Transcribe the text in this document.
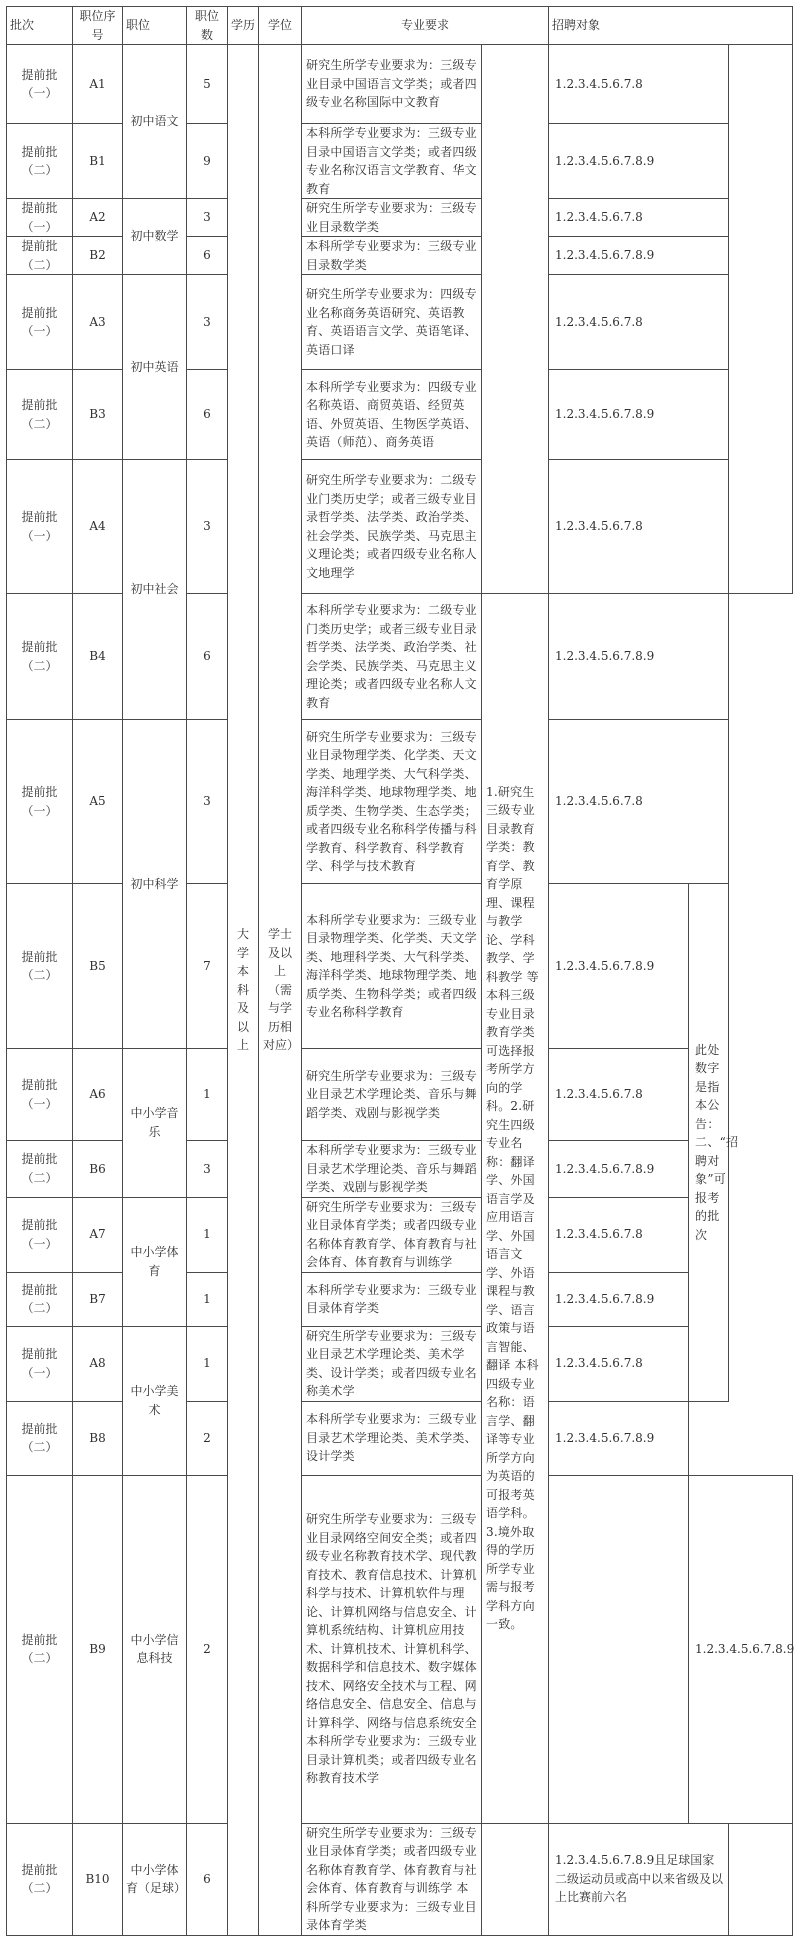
批次	职位序号	职位	职位数	学历	学位	专业要求		招聘对象			
提前批（一）	A1	初中语文	5	大学本科及以上	学士及以上（需与学历相对应）	研究生所学专业要求为：三级专业目录中国语言文学类；或者四级专业名称国际中文教育		1.2.3.4.5.6.7.8			
提前批（二）	B1		9			本科所学专业要求为：三级专业目录中国语言文学类；或者四级专业名称汉语言文学教育、华文教育		1.2.3.4.5.6.7.8.9			
提前批（一）	A2	初中数学	3			研究生所学专业要求为：三级专业目录数学类		1.2.3.4.5.6.7.8			
提前批（二）	B2		6			本科所学专业要求为：三级专业目录数学类		1.2.3.4.5.6.7.8.9			
提前批（一）	A3	初中英语	3			研究生所学专业要求为：四级专业名称商务英语研究、英语教育、英语语言文学、英语笔译、英语口译		1.2.3.4.5.6.7.8			
提前批（二）	B3		6			本科所学专业要求为：四级专业名称英语、商贸英语、经贸英语、外贸英语、生物医学英语、英语（师范）、商务英语		1.2.3.4.5.6.7.8.9			
提前批（一）	A4	初中社会	3			研究生所学专业要求为：二级专业门类历史学；或者三级专业目录哲学类、法学类、政治学类、社会学类、民族学类、马克思主义理论类；或者四级专业名称人文地理学		1.2.3.4.5.6.7.8			
提前批（二）	B4		6			本科所学专业要求为：二级专业门类历史学；或者三级专业目录哲学类、法学类、政治学类、社会学类、民族学类、马克思主义理论类；或者四级专业名称人文教育	1.研究生三级专业目录教育学类：教育学、教育学原理、课程与教学论、学科教学、学科教学 等 本科三级专业目录教育学类 可选择报考所学方向的学科。2.研究生四级专业名称：翻译学、外国语言学及应用语言学、外国语言文学、外语课程与教学、语言政策与语言智能、翻译 本科四级专业名称：语言学、翻译等专业所学方向为英语的可报考英语学科。3.境外取得的学历所学专业需与报考学科方向一致。	1.2.3.4.5.6.7.8.9			
提前批（一）	A5	初中科学	3			研究生所学专业要求为：三级专业目录物理学类、化学类、天文学类、地理学类、大气科学类、海洋科学类、地球物理学类、地质学类、生物学类、生态学类；或者四级专业名称科学传播与科学教育、科学教育、科学教育学、科学与技术教育		1.2.3.4.5.6.7.8			
提前批（二）	B5		7			本科所学专业要求为：三级专业目录物理学类、化学类、天文学类、地理科学类、大气科学类、海洋科学类、地球物理学类、地质学类、生物科学类；或者四级专业名称科学教育		1.2.3.4.5.6.7.8.9	此处数字是指本公告：二、“招聘对象”可报考的批次		
提前批（一）	A6	中小学音乐	1			研究生所学专业要求为：三级专业目录艺术学理论类、音乐与舞蹈学类、戏剧与影视学类		1.2.3.4.5.6.7.8			
提前批（二）	B6		3			本科所学专业要求为：三级专业目录艺术学理论类、音乐与舞蹈学类、戏剧与影视学类		1.2.3.4.5.6.7.8.9			
提前批（一）	A7	中小学体育	1			研究生所学专业要求为：三级专业目录体育学类；或者四级专业名称体育教育学、体育教育与社会体育、体育教育与训练学		1.2.3.4.5.6.7.8			
提前批（二）	B7		1			本科所学专业要求为：三级专业目录体育学类		1.2.3.4.5.6.7.8.9			
提前批（一）	A8	中小学美术	1			研究生所学专业要求为：三级专业目录艺术学理论类、美术学类、设计学类；或者四级专业名称美术学		1.2.3.4.5.6.7.8			
提前批（二）	B8		2			本科所学专业要求为：三级专业目录艺术学理论类、美术学类、设计学类		1.2.3.4.5.6.7.8.9			
提前批（二）	B9	中小学信息科技	2			研究生所学专业要求为：三级专业目录网络空间安全类；或者四级专业名称教育技术学、现代教育技术、教育信息技术、计算机科学与技术、计算机软件与理论、计算机网络与信息安全、计算机系统结构、计算机应用技术、计算机技术、计算机科学、数据科学和信息技术、数字媒体技术、网络安全技术与工程、网络信息安全、信息安全、信息与计算科学、网络与信息系统安全 本科所学专业要求为：三级专业目录计算机类；或者四级专业名称教育技术学			1.2.3.4.5.6.7.8.9		
提前批（二）	B10	中小学体育（足球）	6			研究生所学专业要求为：三级专业目录体育学类；或者四级专业名称体育教育学、体育教育与社会体育、体育教育与训练学 本科所学专业要求为：三级专业目录体育学类		1.2.3.4.5.6.7.8.9且足球国家二级运动员或高中以来省级及以上比赛前六名			
